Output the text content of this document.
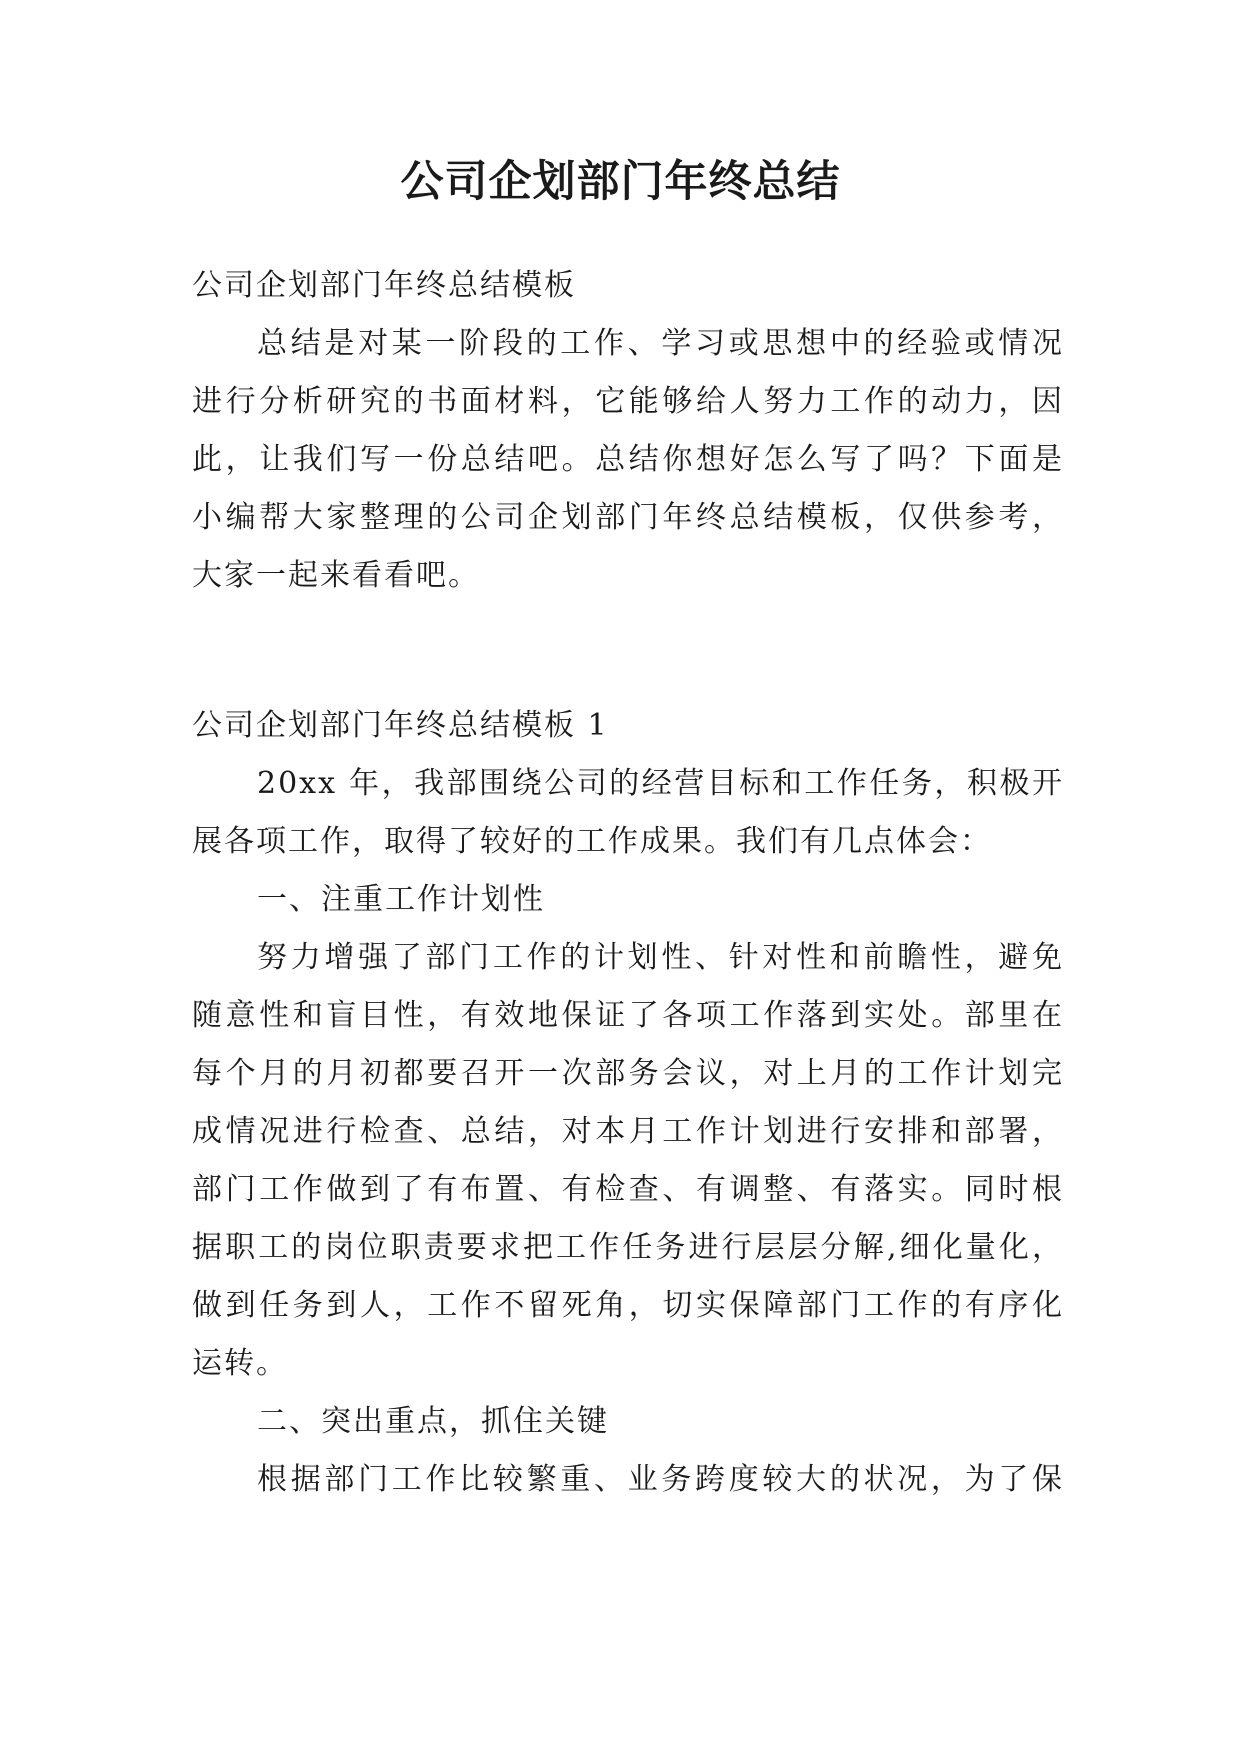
公司企划部门年终总结
公司企划部门年终总结模板
总结是对某一阶段的工作、学习或思想中的经验或情况
进行分析研究的书面材料，它能够给人努力工作的动力，因
此，让我们写一份总结吧。总结你想好怎么写了吗？下面是
小编帮大家整理的公司企划部门年终总结模板，仅供参考，
大家一起来看看吧。
公司企划部门年终总结模板 1
20xx 年，我部围绕公司的经营目标和工作任务，积极开
展各项工作，取得了较好的工作成果。我们有几点体会：
一、注重工作计划性
努力增强了部门工作的计划性、针对性和前瞻性，避免
随意性和盲目性，有效地保证了各项工作落到实处。部里在
每个月的月初都要召开一次部务会议，对上月的工作计划完
成情况进行检查、总结，对本月工作计划进行安排和部署，
部门工作做到了有布置、有检查、有调整、有落实。同时根
据职工的岗位职责要求把工作任务进行层层分解,细化量化，
做到任务到人，工作不留死角，切实保障部门工作的有序化
运转。
二、突出重点，抓住关键
根据部门工作比较繁重、业务跨度较大的状况，为了保
